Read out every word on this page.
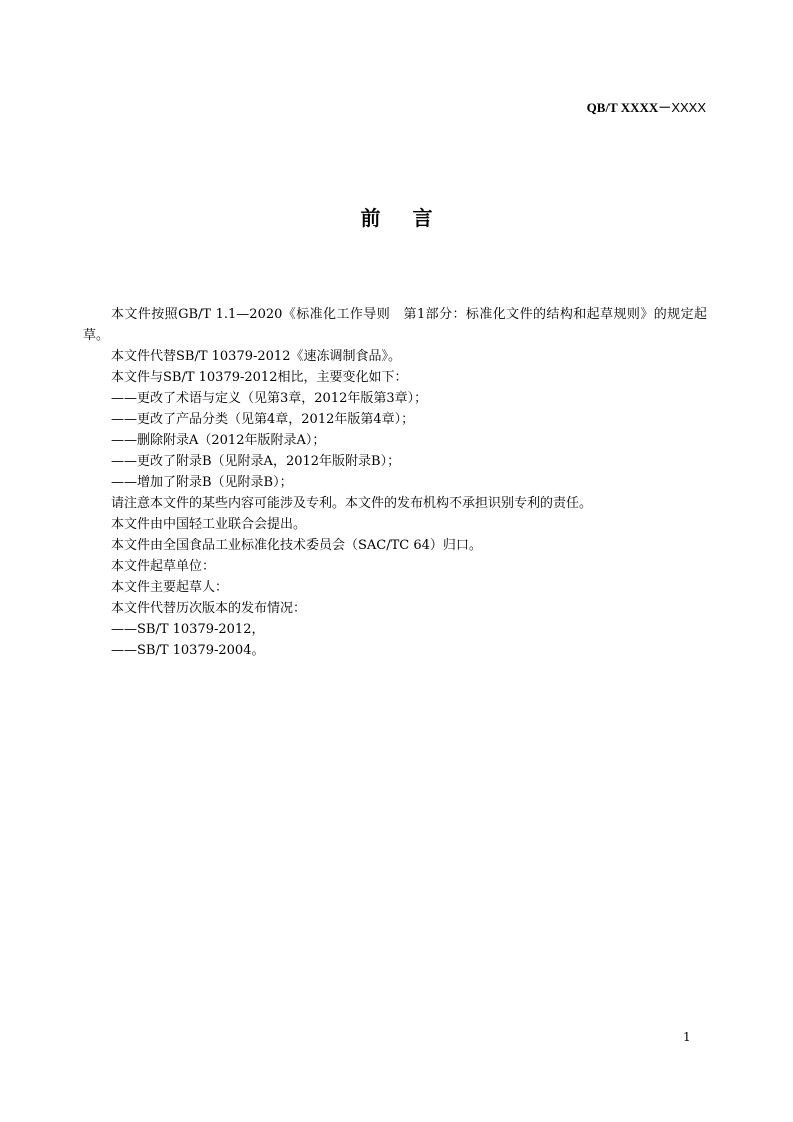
QB/T XXXX－XXXX
前言

本文件按照GB/T 1.1—2020《标准化工作导则　第1部分：标准化文件的结构和起草规则》的规定起草。

本文件代替SB/T 10379-2012《速冻调制食品》。

本文件与SB/T 10379-2012相比，主要变化如下：

——更改了术语与定义（见第3章，2012年版第3章）；

——更改了产品分类（见第4章，2012年版第4章）；

——删除附录A（2012年版附录A）；

——更改了附录B（见附录A，2012年版附录B）；

——增加了附录B（见附录B）；

请注意本文件的某些内容可能涉及专利。本文件的发布机构不承担识别专利的责任。

本文件由中国轻工业联合会提出。

本文件由全国食品工业标准化技术委员会（SAC/TC 64）归口。

本文件起草单位：

本文件主要起草人：

本文件代替历次版本的发布情况：

——SB/T 10379-2012，

——SB/T 10379-2004。

1
